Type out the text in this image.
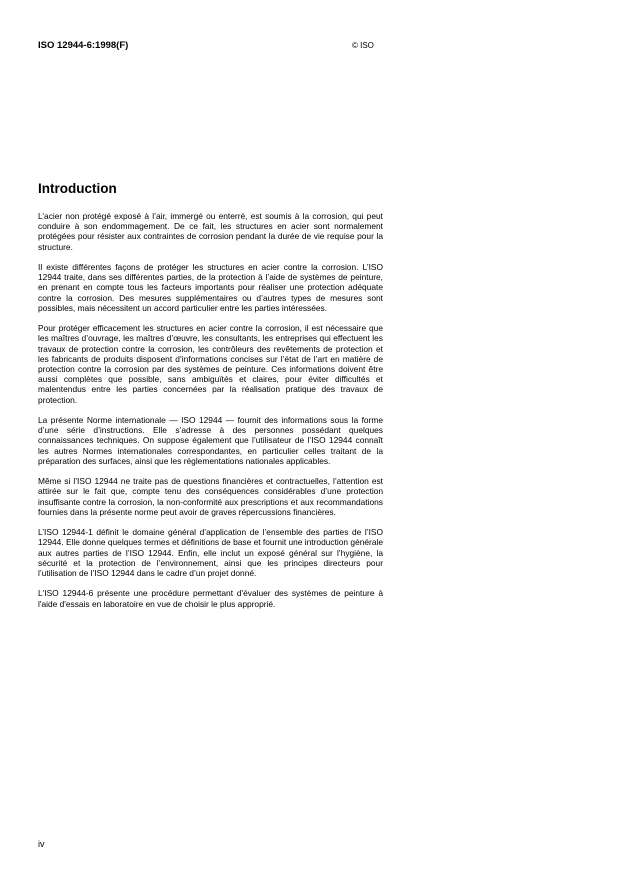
ISO 12944-6:1998(F)	© ISO
Introduction

L’acier non protégé exposé à l’air, immergé ou enterré, est soumis à la corrosion, qui peut conduire à son endommagement. De ce fait, les structures en acier sont normalement protégées pour résister aux contraintes de corrosion pendant la durée de vie requise pour la structure.

Il existe différentes façons de protéger les structures en acier contre la corrosion. L’ISO 12944 traite, dans ses différentes parties, de la protection à l’aide de systèmes de peinture, en prenant en compte tous les facteurs importants pour réaliser une protection adéquate contre la corrosion. Des mesures supplémentaires ou d’autres types de mesures sont possibles, mais nécessitent un accord particulier entre les parties intéressées.

Pour protéger efficacement les structures en acier contre la corrosion, il est nécessaire que les maîtres d’ouvrage, les maîtres d’œuvre, les consultants, les entreprises qui effectuent les travaux de protection contre la corrosion, les contrôleurs des revêtements de protection et les fabricants de produits disposent d’informations concises sur l’état de l’art en matière de protection contre la corrosion par des systèmes de peinture. Ces informations doivent être aussi complètes que possible, sans ambiguïtés et claires, pour éviter difficultés et malentendus entre les parties concernées par la réalisation pratique des travaux de protection.

La présente Norme internationale — ISO 12944 — fournit des informations sous la forme d’une série d’instructions. Elle s’adresse à des personnes possédant quelques connaissances techniques. On suppose également que l’utilisateur de l’ISO 12944 connaît les autres Normes internationales correspondantes, en particulier celles traitant de la préparation des surfaces, ainsi que les réglementations nationales applicables.

Même si l’ISO 12944 ne traite pas de questions financières et contractuelles, l’attention est attirée sur le fait que, compte tenu des conséquences considérables d’une protection insuffisante contre la corrosion, la non-conformité aux prescriptions et aux recommandations fournies dans la présente norme peut avoir de graves répercussions financières.

L’ISO 12944-1 définit le domaine général d’application de l’ensemble des parties de l’ISO 12944. Elle donne quelques termes et définitions de base et fournit une introduction générale aux autres parties de l’ISO 12944. Enfin, elle inclut un exposé général sur l’hygiène, la sécurité et la protection de l’environnement, ainsi que les principes directeurs pour l’utilisation de l’ISO 12944 dans le cadre d’un projet donné.

L'ISO 12944-6 présente une procédure permettant d'évaluer des systèmes de peinture à l'aide d'essais en laboratoire en vue de choisir le plus approprié.

iv
